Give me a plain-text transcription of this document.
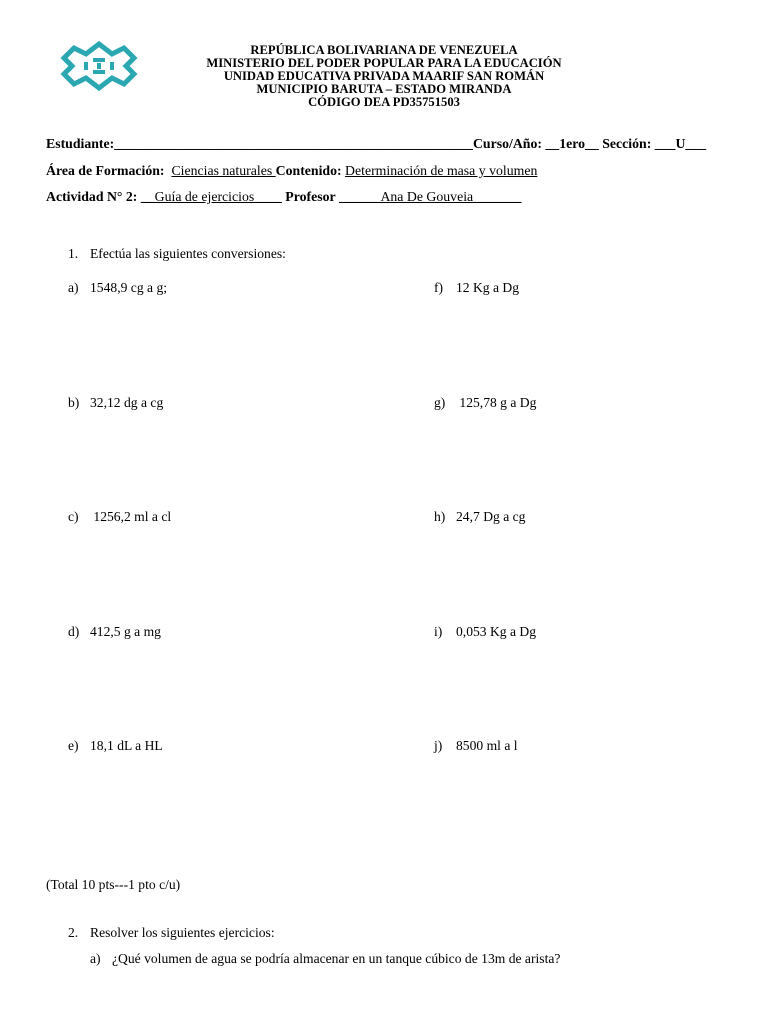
REPÚBLICA BOLIVARIANA DE VENEZUELA
MINISTERIO DEL PODER POPULAR PARA LA EDUCACIÓN
UNIDAD EDUCATIVA PRIVADA MAARIF SAN ROMÁN
MUNICIPIO BARUTA – ESTADO MIRANDA
CÓDIGO DEA PD35751503
Estudiante:____________________________________________________Curso/Año: __1ero__ Sección: ___U___
Área de Formación: Ciencias naturales Contenido: Determinación de masa y volumen
Actividad N° 2: __Guía de ejercicios____ Profesor ______Ana De Gouveia_______
1. Efectúa las siguientes conversiones:
a) 1548,9 cg a g;
b) 32,12 dg a cg
c) 1256,2 ml a cl
d) 412,5 g a mg
e) 18,1 dL a HL
f) 12 Kg a Dg
g) 125,78 g a Dg
h) 24,7 Dg a cg
i) 0,053 Kg a Dg
j) 8500 ml a l
(Total 10 pts---1 pto c/u)
2. Resolver los siguientes ejercicios:
a) ¿Qué volumen de agua se podría almacenar en un tanque cúbico de 13m de arista?
